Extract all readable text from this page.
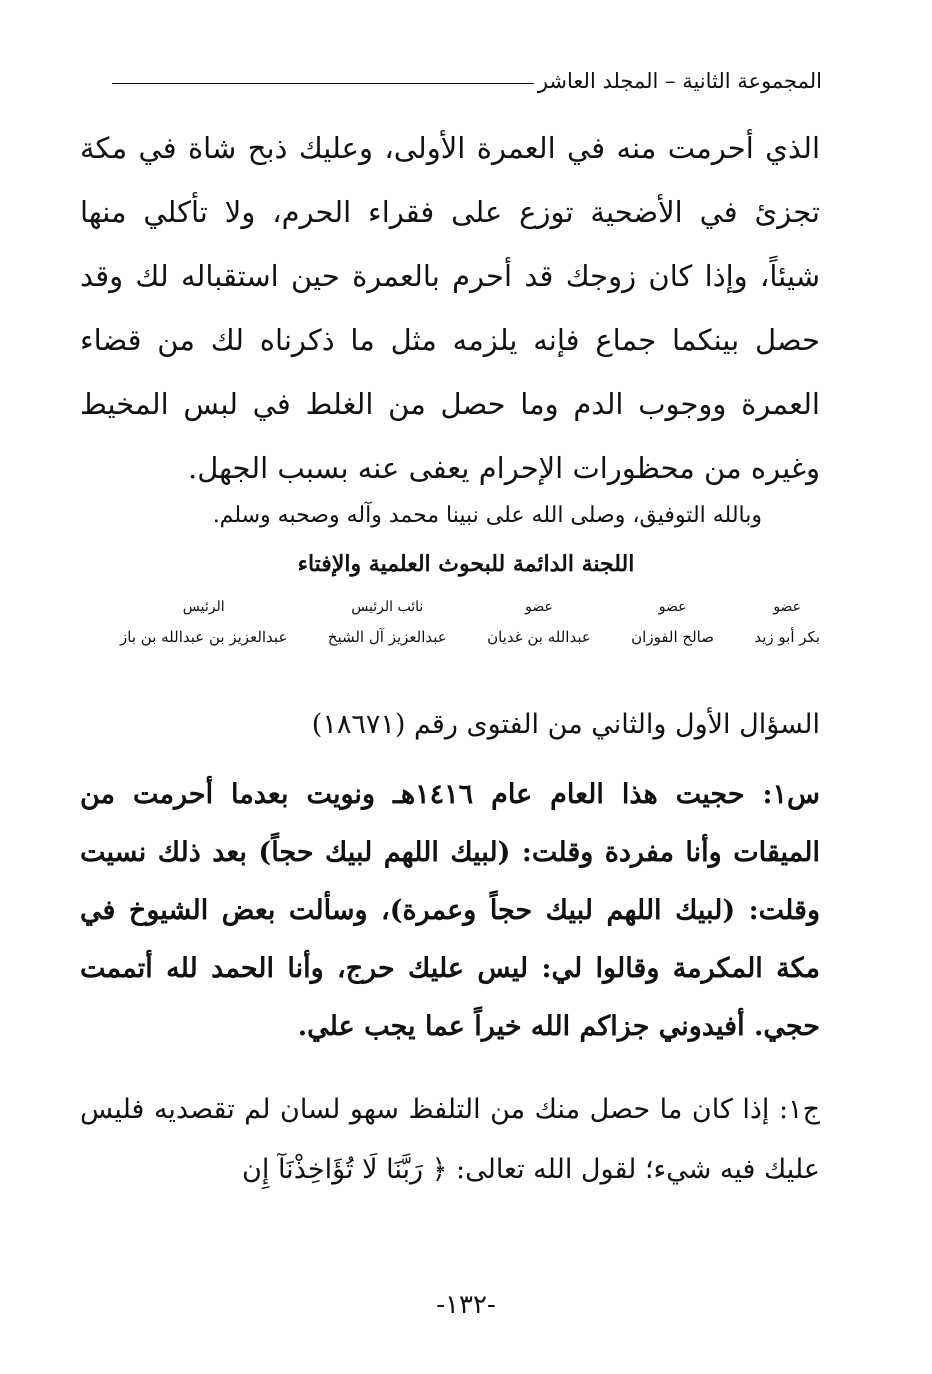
المجموعة الثانية – المجلد العاشر
الذي أحرمت منه في العمرة الأولى، وعليك ذبح شاة في مكة تجزئ في الأضحية توزع على فقراء الحرم، ولا تأكلي منها شيئاً، وإذا كان زوجك قد أحرم بالعمرة حين استقباله لك وقد حصل بينكما جماع فإنه يلزمه مثل ما ذكرناه لك من قضاء العمرة ووجوب الدم وما حصل من الغلط في لبس المخيط وغيره من محظورات الإحرام يعفى عنه بسبب الجهل.
وبالله التوفيق، وصلى الله على نبينا محمد وآله وصحبه وسلم.
اللجنة الدائمة للبحوث العلمية والإفتاء
عضو
بكر أبو زيد
عضو
صالح الفوزان
عضو
عبدالله بن غديان
نائب الرئيس
عبدالعزيز آل الشيخ
الرئيس
عبدالعزيز بن عبدالله بن باز
السؤال الأول والثاني من الفتوى رقم (١٨٦٧١)
س١: حجيت هذا العام عام ١٤١٦هـ ونويت بعدما أحرمت من الميقات وأنا مفردة وقلت: (لبيك اللهم لبيك حجاً) بعد ذلك نسيت وقلت: (لبيك اللهم لبيك حجاً وعمرة)، وسألت بعض الشيوخ في مكة المكرمة وقالوا لي: ليس عليك حرج، وأنا الحمد لله أتممت حجي. أفيدوني جزاكم الله خيراً عما يجب علي.
ج١: إذا كان ما حصل منك من التلفظ سهو لسان لم تقصديه فليس عليك فيه شيء؛ لقول الله تعالى: ﴿ رَبَّنَا لَا تُؤَاخِذْنَآ إِن
-١٣٢-
